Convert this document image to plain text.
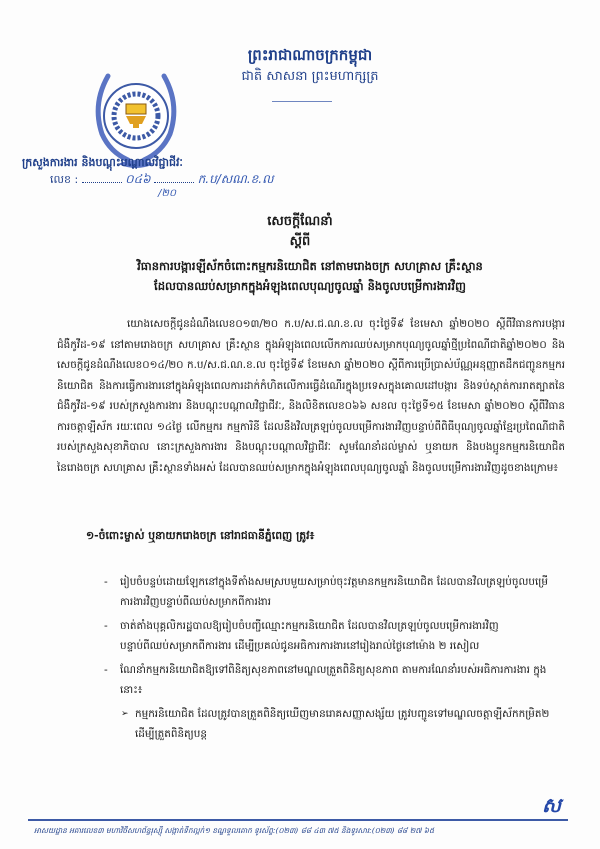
ព្រះរាជាណាចក្រកម្ពុជា
ជាតិ សាសនា ព្រះមហាក្សត្រ
ក្រសួងការងារ និងបណ្តុះបណ្តាលវិជ្ជាជីវៈ
លេខ :	០៤៦	ក.ប/សណ.ខ.ល
/២០
សេចក្តីណែនាំ
ស្តីពី
វិធានការបង្ការឡីស័កចំពោះកម្មករនិយោជិត នៅតាមរោងចក្រ សហគ្រាស គ្រឹះស្ថាន
ដែលបានឈប់សម្រាកក្នុងអំឡុងពេលបុណ្យចូលឆ្នាំ និងចូលបម្រើការងារវិញ
យោងសេចក្តីជូនដំណឹងលេខ០១៣/២០ ក.ប/ស.ជ.ណ.ខ.ល ចុះថ្ងៃទី៩ ខែមេសា ឆ្នាំ២០២០ ស្តីពីវិធានការបង្ការជំងឺកូវីដ-១៩ នៅតាមរោងចក្រ សហគ្រាស គ្រឹះស្ថាន ក្នុងអំឡុងពេលលើកការឈប់សម្រាកបុណ្យចូលឆ្នាំថ្មីប្រពៃណីជាតិឆ្នាំ២០២០ និងសេចក្តីជូនដំណឹងលេខ០១៤/២០ ក.ប/ស.ជ.ណ.ខ.ល ចុះថ្ងៃទី៩ ខែមេសា ឆ្នាំ២០២០ ស្តីពីការប្រើប្រាស់ប័ណ្ណអនុញ្ញាតដឹកជញ្ជូនកម្មករនិយោជិត និងការធ្វើការងារនៅក្នុងអំឡុងពេលការដាក់កំហិតលើការធ្វើដំណើរក្នុងប្រទេសក្នុងគោលដៅបង្ការ និងទប់ស្កាត់ការរាតត្បាតនៃជំងឺកូវីដ-១៩ របស់ក្រសួងការងារ និងបណ្តុះបណ្តាលវិជ្ជាជីវៈ, និងលិខិតលេខ០៦៦ សខល ចុះថ្ងៃទី១៥ ខែមេសា ឆ្នាំ២០២០ ស្តីពីវិធានការចត្តាឡីស័ក រយៈពេល ១៤ថ្ងៃ លើកម្មករ កម្មការិនី ដែលនឹងវិលត្រឡប់ចូលបម្រើការងារវិញបន្ទាប់ពីពិធីបុណ្យចូលឆ្នាំខ្មែរប្រពៃណីជាតិ របស់ក្រសួងសុខាភិបាល នោះក្រសួងការងារ និងបណ្តុះបណ្តាលវិជ្ជាជីវៈ សូមណែនាំដល់ម្ចាស់ ឬនាយក និងបងប្អូនកម្មករនិយោជិត នៃរោងចក្រ សហគ្រាស គ្រឹះស្ថានទាំងអស់ ដែលបានឈប់សម្រាកក្នុងអំឡុងពេលបុណ្យចូលឆ្នាំ និងចូលបម្រើការងារវិញដូចខាងក្រោម៖
១-ចំពោះម្ចាស់ ឬនាយករោងចក្រ នៅរាជធានីភ្នំពេញ ត្រូវ៖
- រៀបចំបន្ទប់ដោយឡែកនៅក្នុងទីតាំងសមស្របមួយសម្រាប់ចុះវត្តមានកម្មករនិយោជិត ដែលបានវិលត្រឡប់ចូលបម្រើការងារវិញបន្ទាប់ពីឈប់សម្រាកពីការងារ
- ចាត់តាំងបុគ្គលិករដ្ឋបាលឱ្យរៀបចំបញ្ជីឈ្មោះកម្មករនិយោជិត ដែលបានវិលត្រឡប់ចូលបម្រើការងារវិញបន្ទាប់ពីឈប់សម្រាកពីការងារ ដើម្បីប្រគល់ជូនអធិការការងារនៅរៀងរាល់ថ្ងៃនៅម៉ោង ២ រសៀល
- ណែនាំកម្មករនិយោជិតឱ្យទៅពិនិត្យសុខភាពនៅមណ្ឌលត្រួតពិនិត្យសុខភាព តាមការណែនាំរបស់អធិការការងារ ក្នុងនោះ៖
➢ កម្មករនិយោជិត ដែលត្រូវបានត្រួតពិនិត្យឃើញមានរោគសញ្ញាសង្ស័យ ត្រូវបញ្ជូនទៅមណ្ឌលចត្តាឡីស័កកម្រិត២ ដើម្បីត្រួតពិនិត្យបន្ត
ស
អាសយដ្ឋាន អគារលេខ៣ មហាវិថីសហព័ន្ធរុស្ស៊ី សង្កាត់ទឹកល្អក់១ ខណ្ឌទួលគោក ទូរស័ព្ទ:(០២៣) ៨៨ ៤៣ ៧៥ និងទូរសារ:(០២៣) ៨៨ ២៧ ៦៥
